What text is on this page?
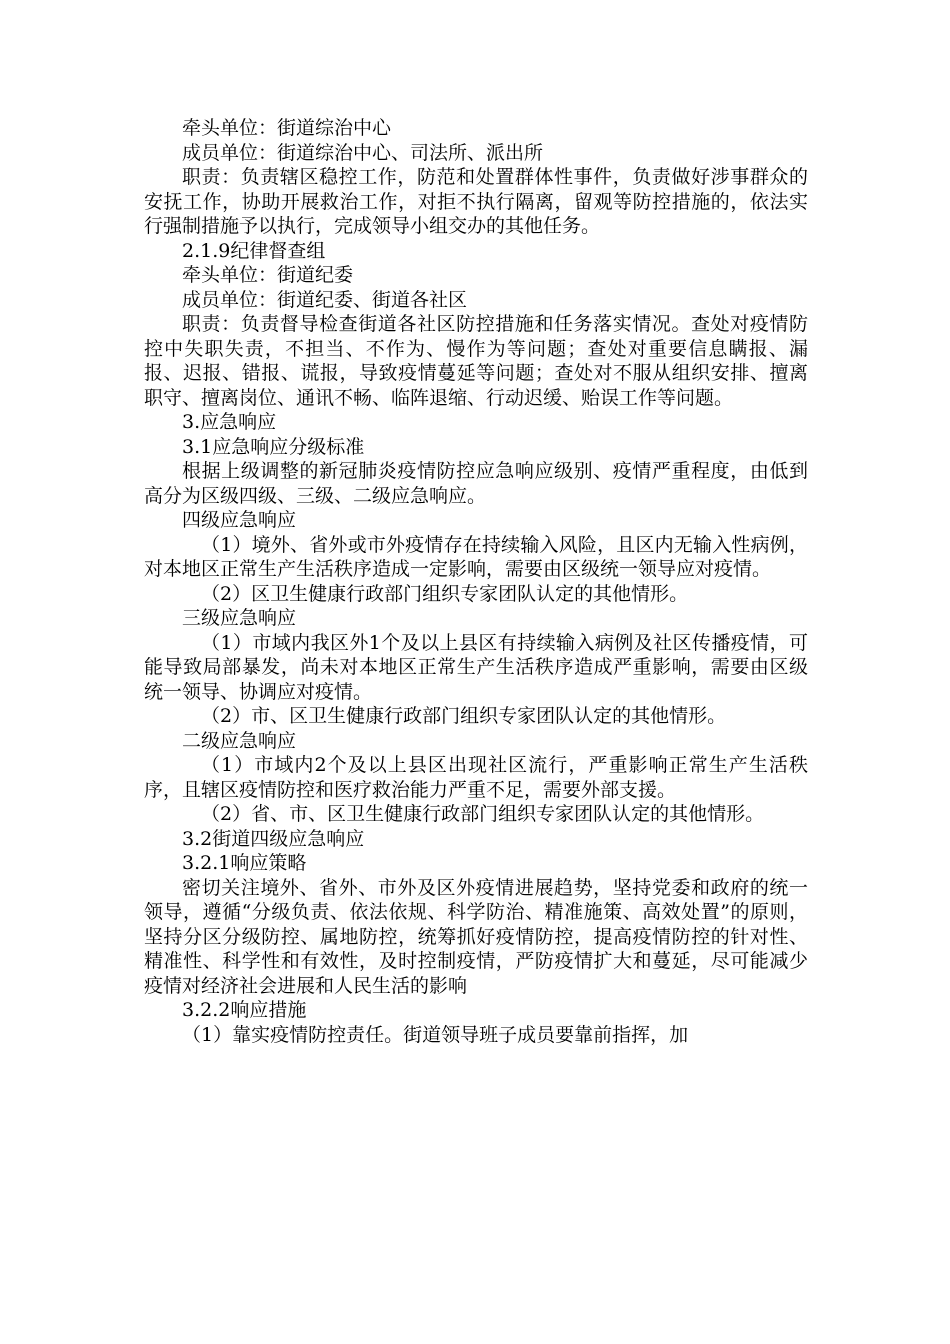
牵头单位：街道综治中心

成员单位：街道综治中心、司法所、派出所

职责：负责辖区稳控工作，防范和处置群体性事件，负责做好涉事群众的安抚工作，协助开展救治工作，对拒不执行隔离，留观等防控措施的，依法实行强制措施予以执行，完成领导小组交办的其他任务。

2.1.9纪律督查组

牵头单位：街道纪委

成员单位：街道纪委、街道各社区

职责：负责督导检查街道各社区防控措施和任务落实情况。查处对疫情防控中失职失责，不担当、不作为、慢作为等问题；查处对重要信息瞒报、漏报、迟报、错报、谎报，导致疫情蔓延等问题；查处对不服从组织安排、擅离职守、擅离岗位、通讯不畅、临阵退缩、行动迟缓、贻误工作等问题。

3.应急响应

3.1应急响应分级标准

根据上级调整的新冠肺炎疫情防控应急响应级别、疫情严重程度，由低到高分为区级四级、三级、二级应急响应。

四级应急响应

（1）境外、省外或市外疫情存在持续输入风险，且区内无输入性病例，对本地区正常生产生活秩序造成一定影响，需要由区级统一领导应对疫情。

（2）区卫生健康行政部门组织专家团队认定的其他情形。

三级应急响应

（1）市域内我区外1个及以上县区有持续输入病例及社区传播疫情，可能导致局部暴发，尚未对本地区正常生产生活秩序造成严重影响，需要由区级统一领导、协调应对疫情。

（2）市、区卫生健康行政部门组织专家团队认定的其他情形。

二级应急响应

（1）市域内2个及以上县区出现社区流行，严重影响正常生产生活秩序，且辖区疫情防控和医疗救治能力严重不足，需要外部支援。

（2）省、市、区卫生健康行政部门组织专家团队认定的其他情形。

3.2街道四级应急响应

3.2.1响应策略

密切关注境外、省外、市外及区外疫情进展趋势，坚持党委和政府的统一领导，遵循“分级负责、依法依规、科学防治、精准施策、高效处置”的原则，坚持分区分级防控、属地防控，统筹抓好疫情防控，提高疫情防控的针对性、精准性、科学性和有效性，及时控制疫情，严防疫情扩大和蔓延，尽可能减少疫情对经济社会进展和人民生活的影响

3.2.2响应措施

（1）靠实疫情防控责任。街道领导班子成员要靠前指挥，加
